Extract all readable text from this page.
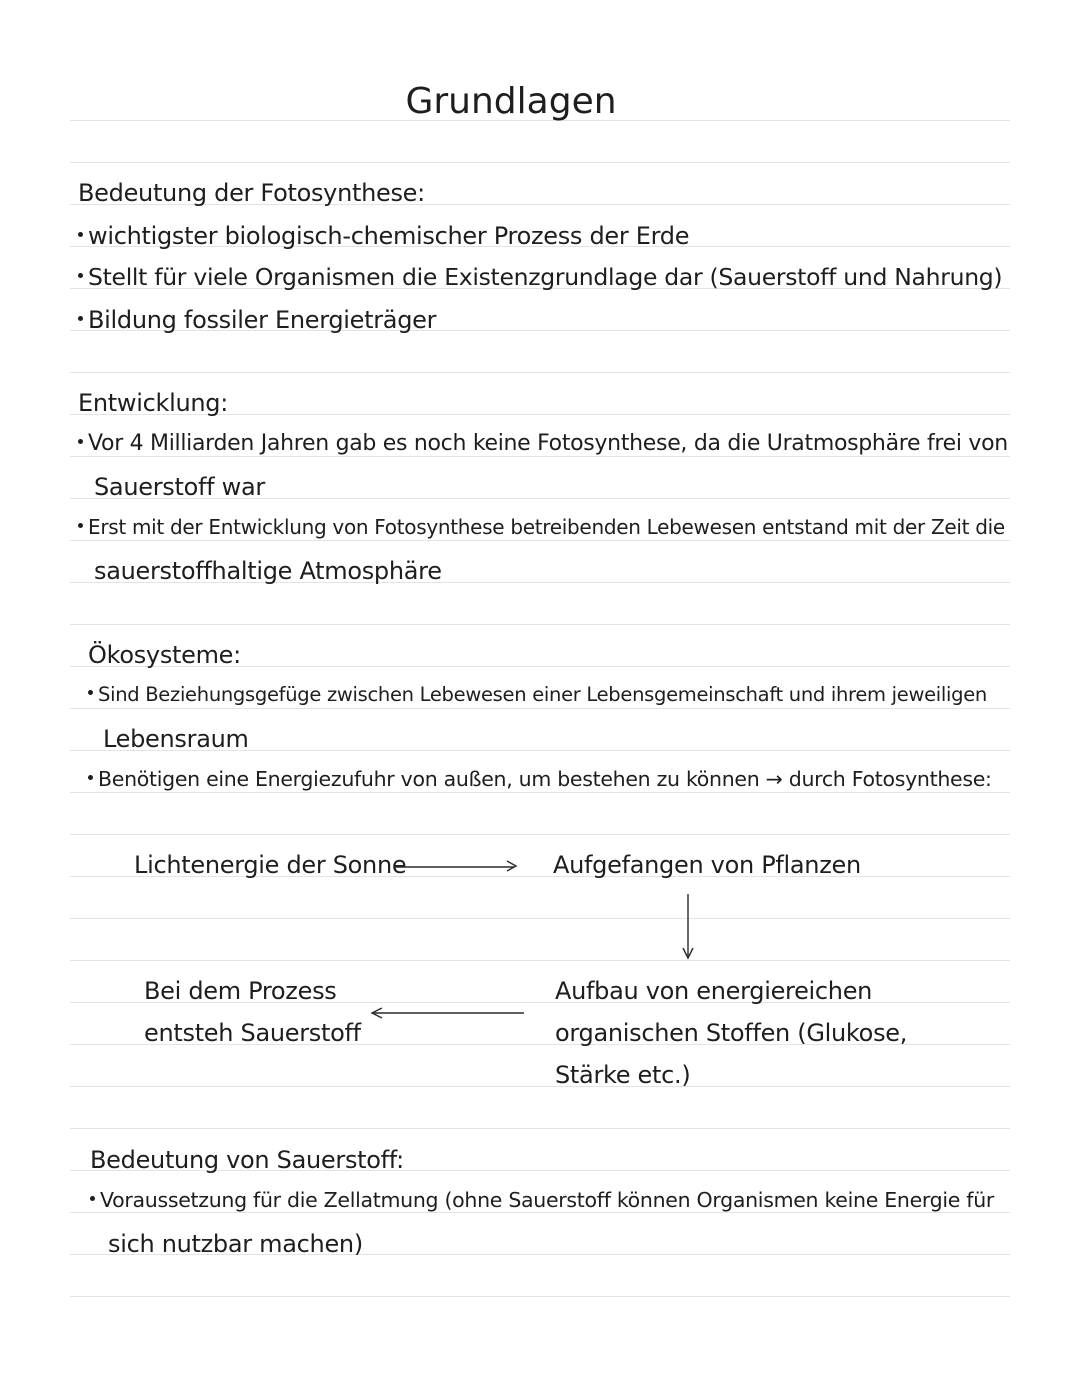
Grundlagen
Bedeutung der Fotosynthese:
wichtigster biologisch-chemischer Prozess der Erde
Stellt für viele Organismen die Existenzgrundlage dar (Sauerstoff und Nahrung)
Bildung fossiler Energieträger
Entwicklung:
Vor 4 Milliarden Jahren gab es noch keine Fotosynthese, da die Uratmosphäre frei von
Sauerstoff war
Erst mit der Entwicklung von Fotosynthese betreibenden Lebewesen entstand mit der Zeit die
sauerstoffhaltige Atmosphäre
Ökosysteme:
Sind Beziehungsgefüge zwischen Lebewesen einer Lebensgemeinschaft und ihrem jeweiligen
Lebensraum
Benötigen eine Energiezufuhr von außen, um bestehen zu können → durch Fotosynthese:
Lichtenergie der Sonne	Aufgefangen von Pflanzen
Aufbau von energiereichen
organischen Stoffen (Glukose,
Stärke etc.)
Bei dem Prozess
entsteh Sauerstoff
Bedeutung von Sauerstoff:
Voraussetzung für die Zellatmung (ohne Sauerstoff können Organismen keine Energie für
sich nutzbar machen)
